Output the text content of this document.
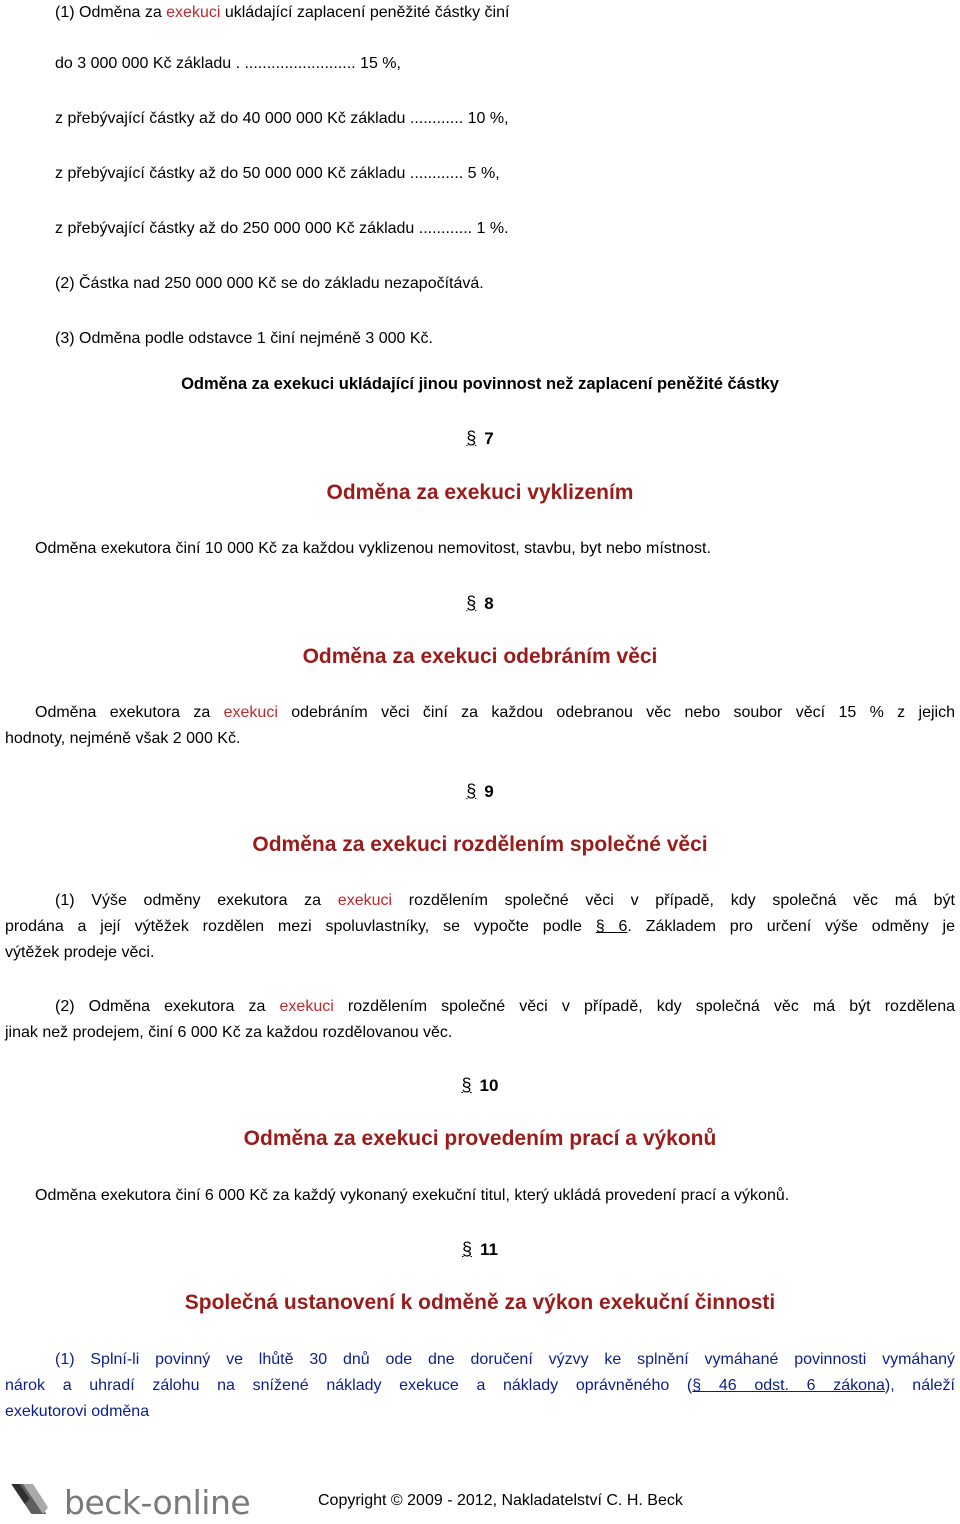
(1) Odměna za exekuci ukládající zaplacení peněžité částky činí
do 3 000 000 Kč základu . ......................... 15 %,
z přebývající částky až do 40 000 000 Kč základu ............ 10 %,
z přebývající částky až do 50 000 000 Kč základu ............ 5 %,
z přebývající částky až do 250 000 000 Kč základu ............ 1 %.
(2) Částka nad 250 000 000 Kč se do základu nezapočítává.
(3) Odměna podle odstavce 1 činí nejméně 3 000 Kč.
Odměna za exekuci ukládající jinou povinnost než zaplacení peněžité částky
§ 7
Odměna za exekuci vyklizením
Odměna exekutora činí 10 000 Kč za každou vyklizenou nemovitost, stavbu, byt nebo místnost.
§ 8
Odměna za exekuci odebráním věci
Odměna exekutora za exekuci odebráním věci činí za každou odebranou věc nebo soubor věcí 15 % z jejich
hodnoty, nejméně však 2 000 Kč.
§ 9
Odměna za exekuci rozdělením společné věci
(1) Výše odměny exekutora za exekuci rozdělením společné věci v případě, kdy společná věc má být
prodána a její výtěžek rozdělen mezi spoluvlastníky, se vypočte podle § 6. Základem pro určení výše odměny je
výtěžek prodeje věci.
(2) Odměna exekutora za exekuci rozdělením společné věci v případě, kdy společná věc má být rozdělena
jinak než prodejem, činí 6 000 Kč za každou rozdělovanou věc.
§ 10
Odměna za exekuci provedením prací a výkonů
Odměna exekutora činí 6 000 Kč za každý vykonaný exekuční titul, který ukládá provedení prací a výkonů.
§ 11
Společná ustanovení k odměně za výkon exekuční činnosti
(1) Splní-li povinný ve lhůtě 30 dnů ode dne doručení výzvy ke splnění vymáhané povinnosti vymáhaný
nárok a uhradí zálohu na snížené náklady exekuce a náklady oprávněného (§ 46 odst. 6 zákona), náleží
exekutorovi odměna
beck-online	Copyright © 2009 - 2012, Nakladatelství C. H. Beck
